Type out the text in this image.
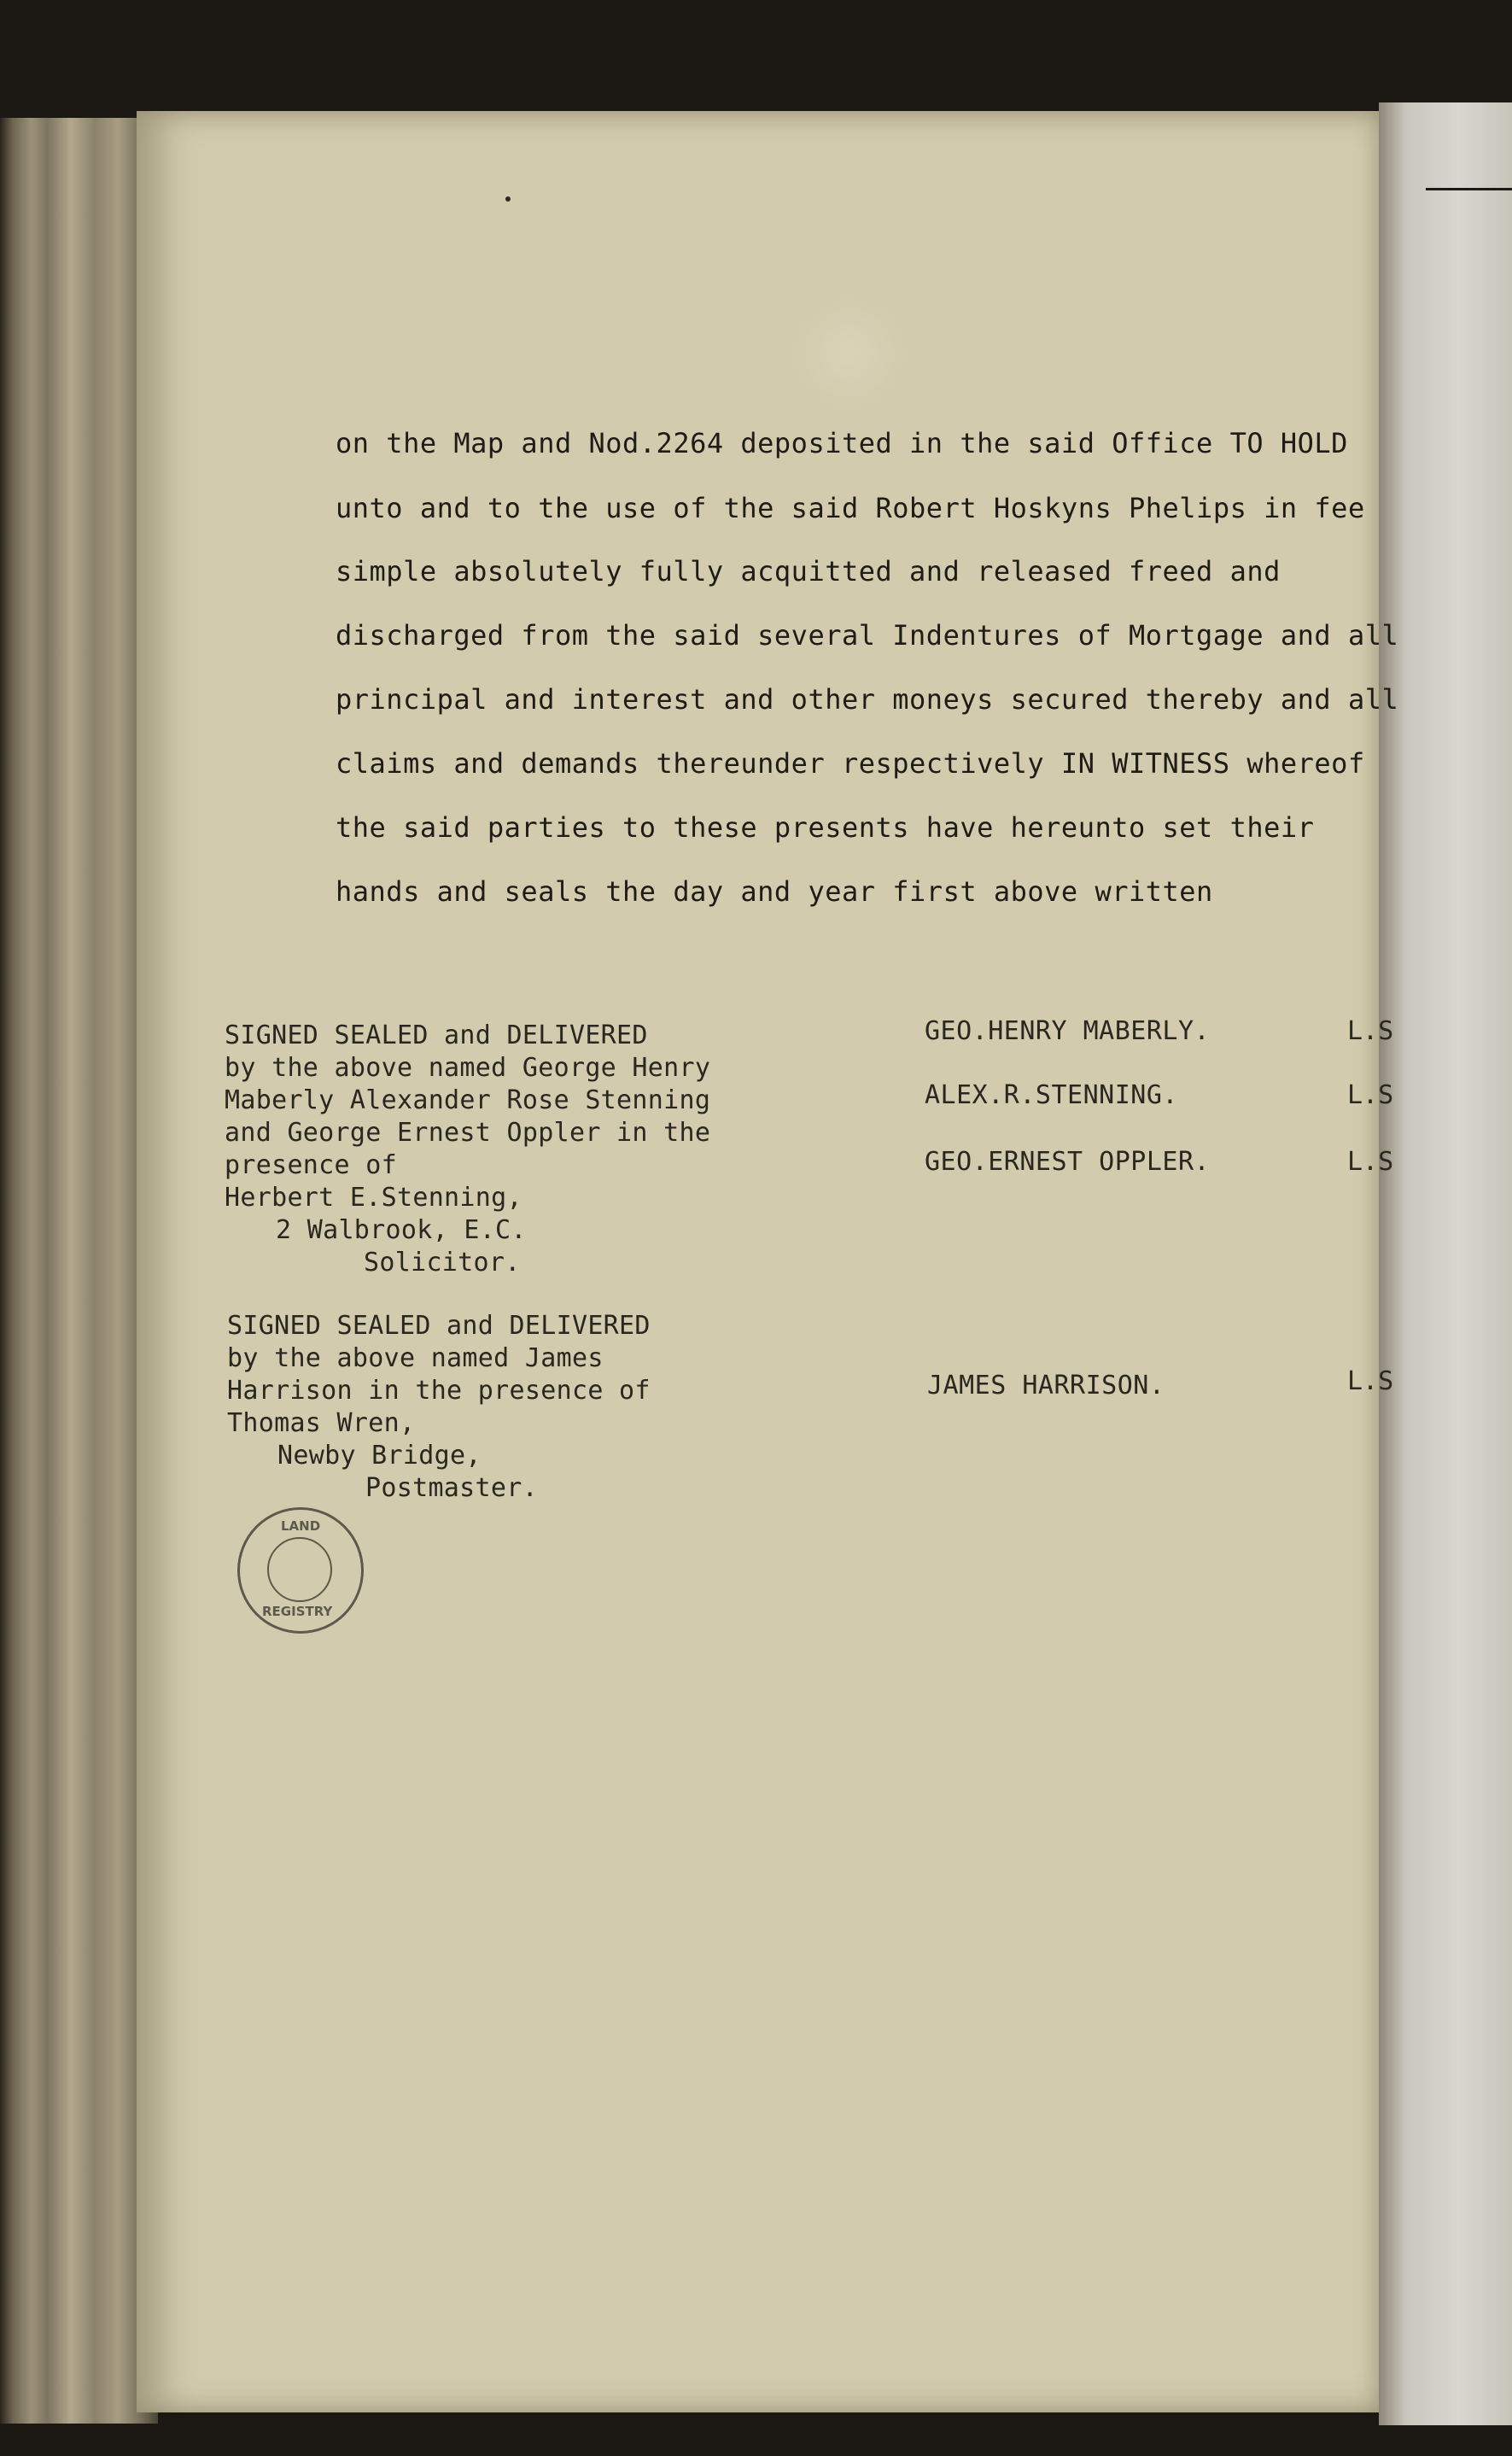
on the Map and Nod.2264 deposited in the said Office TO HOLD
unto and to the use of the said Robert Hoskyns Phelips in fee
simple absolutely fully acquitted and released freed and
discharged from the said several Indentures of Mortgage and all
principal and interest and other moneys secured thereby and all
claims and demands thereunder respectively IN WITNESS whereof
the said parties to these presents have hereunto set their
hands and seals the day and year first above written
SIGNED SEALED and DELIVERED
by the above named George Henry
Maberly Alexander Rose Stenning
and George Ernest Oppler in the
presence of
Herbert E.Stenning,
2 Walbrook, E.C.
Solicitor.
GEO.HENRY MABERLY.
ALEX.R.STENNING.
GEO.ERNEST OPPLER.
L.S
L.S
L.S
SIGNED SEALED and DELIVERED
by the above named James
Harrison in the presence of
Thomas Wren,
Newby Bridge,
Postmaster.
JAMES HARRISON.	L.S
LAND
REGISTRY
